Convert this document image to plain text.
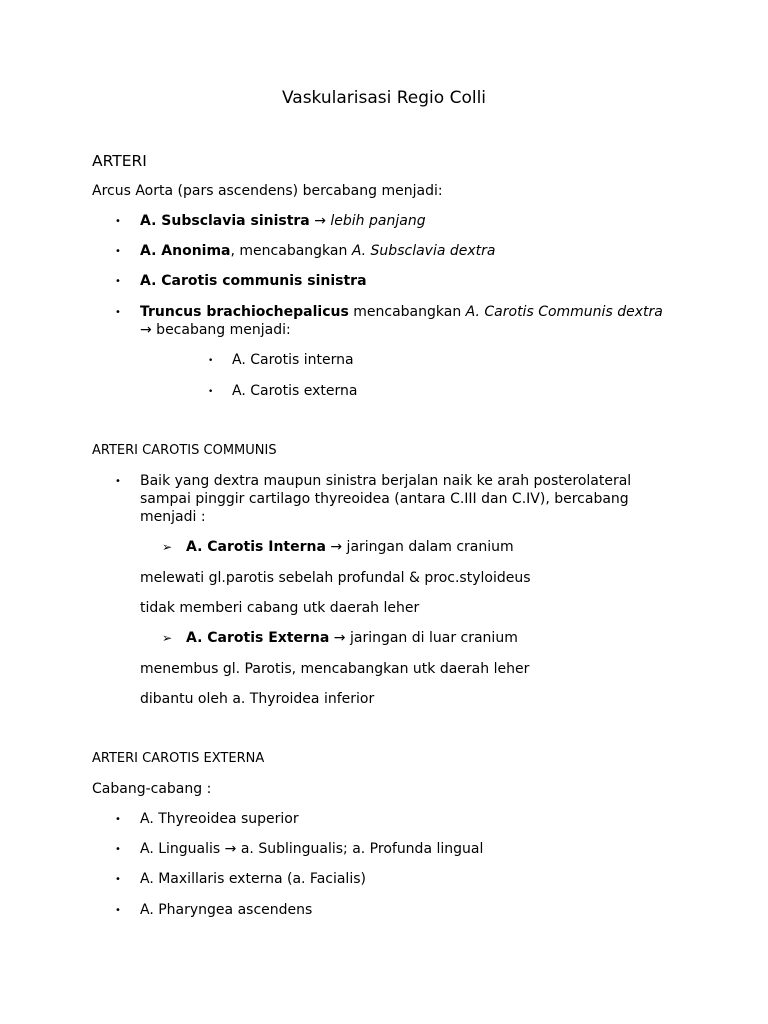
Vaskularisasi Regio Colli
ARTERI
Arcus Aorta (pars ascendens) bercabang menjadi:
• A. Subsclavia sinistra → lebih panjang
• A. Anonima, mencabangkan A. Subsclavia dextra
• A. Carotis communis sinistra
• Truncus brachiochepalicus mencabangkan A. Carotis Communis dextra
→ becabang menjadi:
• A. Carotis interna
• A. Carotis externa
ARTERI CAROTIS COMMUNIS
• Baik yang dextra maupun sinistra berjalan naik ke arah posterolateral
sampai pinggir cartilago thyreoidea (antara C.III dan C.IV), bercabang
menjadi :
➢ A. Carotis Interna → jaringan dalam cranium
melewati gl.parotis sebelah profundal & proc.styloideus
tidak memberi cabang utk daerah leher
➢ A. Carotis Externa → jaringan di luar cranium
menembus gl. Parotis, mencabangkan utk daerah leher
dibantu oleh a. Thyroidea inferior
ARTERI CAROTIS EXTERNA
Cabang-cabang :
• A. Thyreoidea superior
• A. Lingualis → a. Sublingualis; a. Profunda lingual
• A. Maxillaris externa (a. Facialis)
• A. Pharyngea ascendens
